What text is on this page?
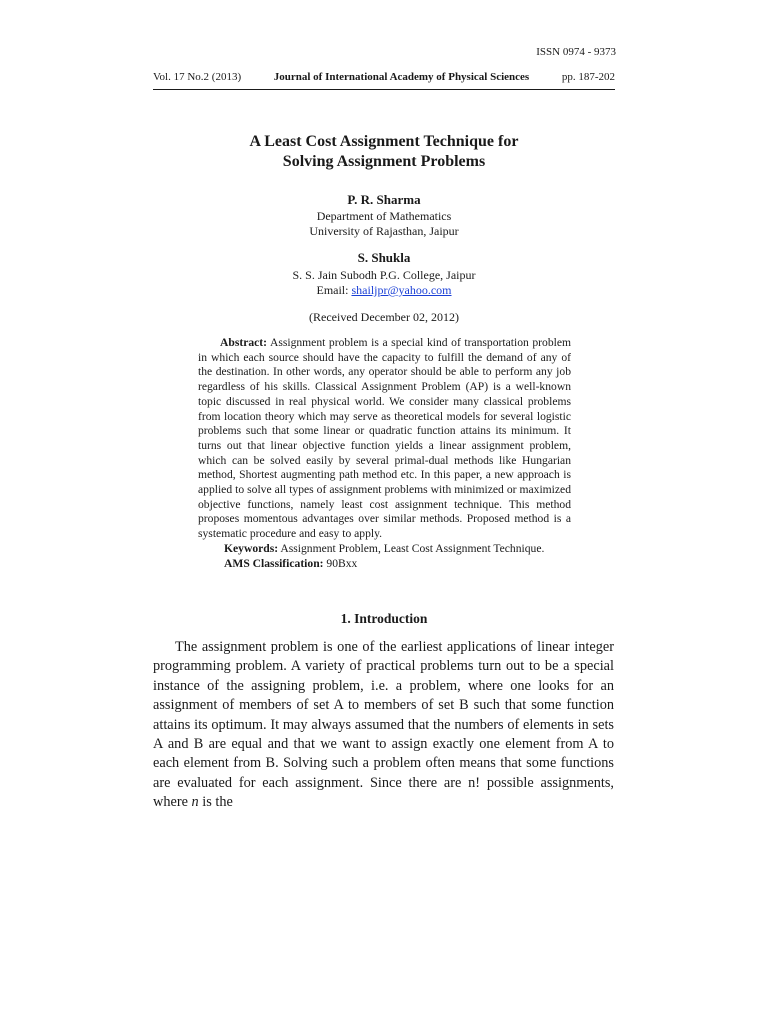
ISSN 0974 - 9373
Vol. 17 No.2 (2013)	Journal of International Academy of Physical Sciences	pp. 187-202

A Least Cost Assignment Technique for
Solving Assignment Problems

P. R. Sharma

Department of Mathematics

University of Rajasthan, Jaipur

S. Shukla

S. S. Jain Subodh P.G. College, Jaipur

Email: shailjpr@yahoo.com

(Received December 02, 2012)

Abstract: Assignment problem is a special kind of transportation problem in which each source should have the capacity to fulfill the demand of any of the destination. In other words, any operator should be able to perform any job regardless of his skills. Classical Assignment Problem (AP) is a well-known topic discussed in real physical world. We consider many classical problems from location theory which may serve as theoretical models for several logistic problems such that some linear or quadratic function attains its minimum. It turns out that linear objective function yields a linear assignment problem, which can be solved easily by several primal-dual methods like Hungarian method, Shortest augmenting path method etc. In this paper, a new approach is applied to solve all types of assignment problems with minimized or maximized objective functions, namely least cost assignment technique. This method proposes momentous advantages over similar methods. Proposed method is a systematic procedure and easy to apply.

Keywords: Assignment Problem, Least Cost Assignment Technique.

AMS Classification: 90Bxx

1. Introduction

The assignment problem is one of the earliest applications of linear integer programming problem. A variety of practical problems turn out to be a special instance of the assigning problem, i.e. a problem, where one looks for an assignment of members of set A to members of set B such that some function attains its optimum. It may always assumed that the numbers of elements in sets A and B are equal and that we want to assign exactly one element from A to each element from B. Solving such a problem often means that some functions are evaluated for each assignment. Since there are n! possible assignments, where n is the
